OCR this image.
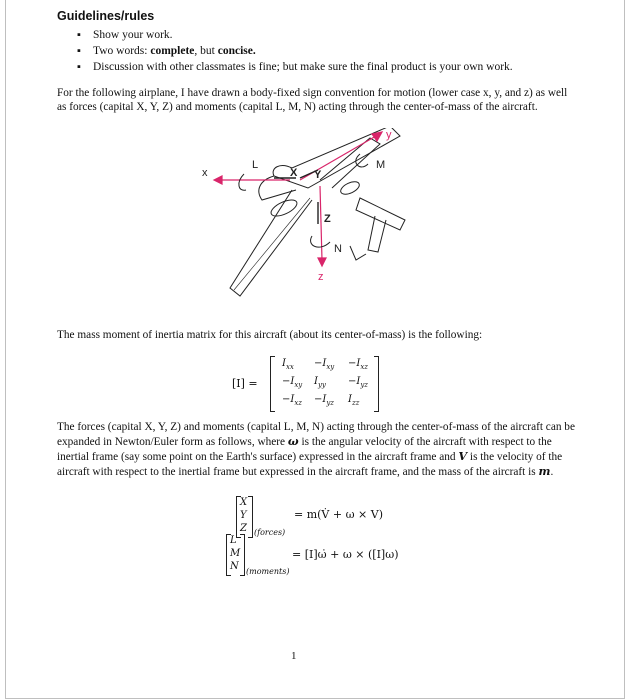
Guidelines/rules
▪ Show your work.
▪ Two words: complete, but concise.
▪ Discussion with other classmates is fine; but make sure the final product is your own work.
For the following airplane, I have drawn a body-fixed sign convention for motion (lower case x, y, and z) as well as forces (capital X, Y, Z) and moments (capital L, M, N) acting through the center-of-mass of the aircraft.
x
L
X Y
y
M
Z
N
z
The mass moment of inertia matrix for this aircraft (about its center-of-mass) is the following:
[I] =
$I_{xx} -I_{xy} -I_{xz}$
$-I_{xy}$ $I_{yy} -I_{yz}$
$-I_{xz} -I_{yz}$ $I_{zz}$
The forces (capital X, Y, Z) and moments (capital L, M, N) acting through the center-of-mass of the aircraft can be expanded in Newton/Euler form as follows, where ω is the angular velocity of the aircraft with respect to the inertial frame (say some point on the Earth's surface) expressed in the aircraft frame and V is the velocity of the aircraft with respect to the inertial frame but expressed in the aircraft frame, and the mass of the aircraft is m.
X
Y
Z (forces)
= m(V̇ + ω × V)
L
M
N (moments)
= [I]ω̇ + ω × ([I]ω)
1
